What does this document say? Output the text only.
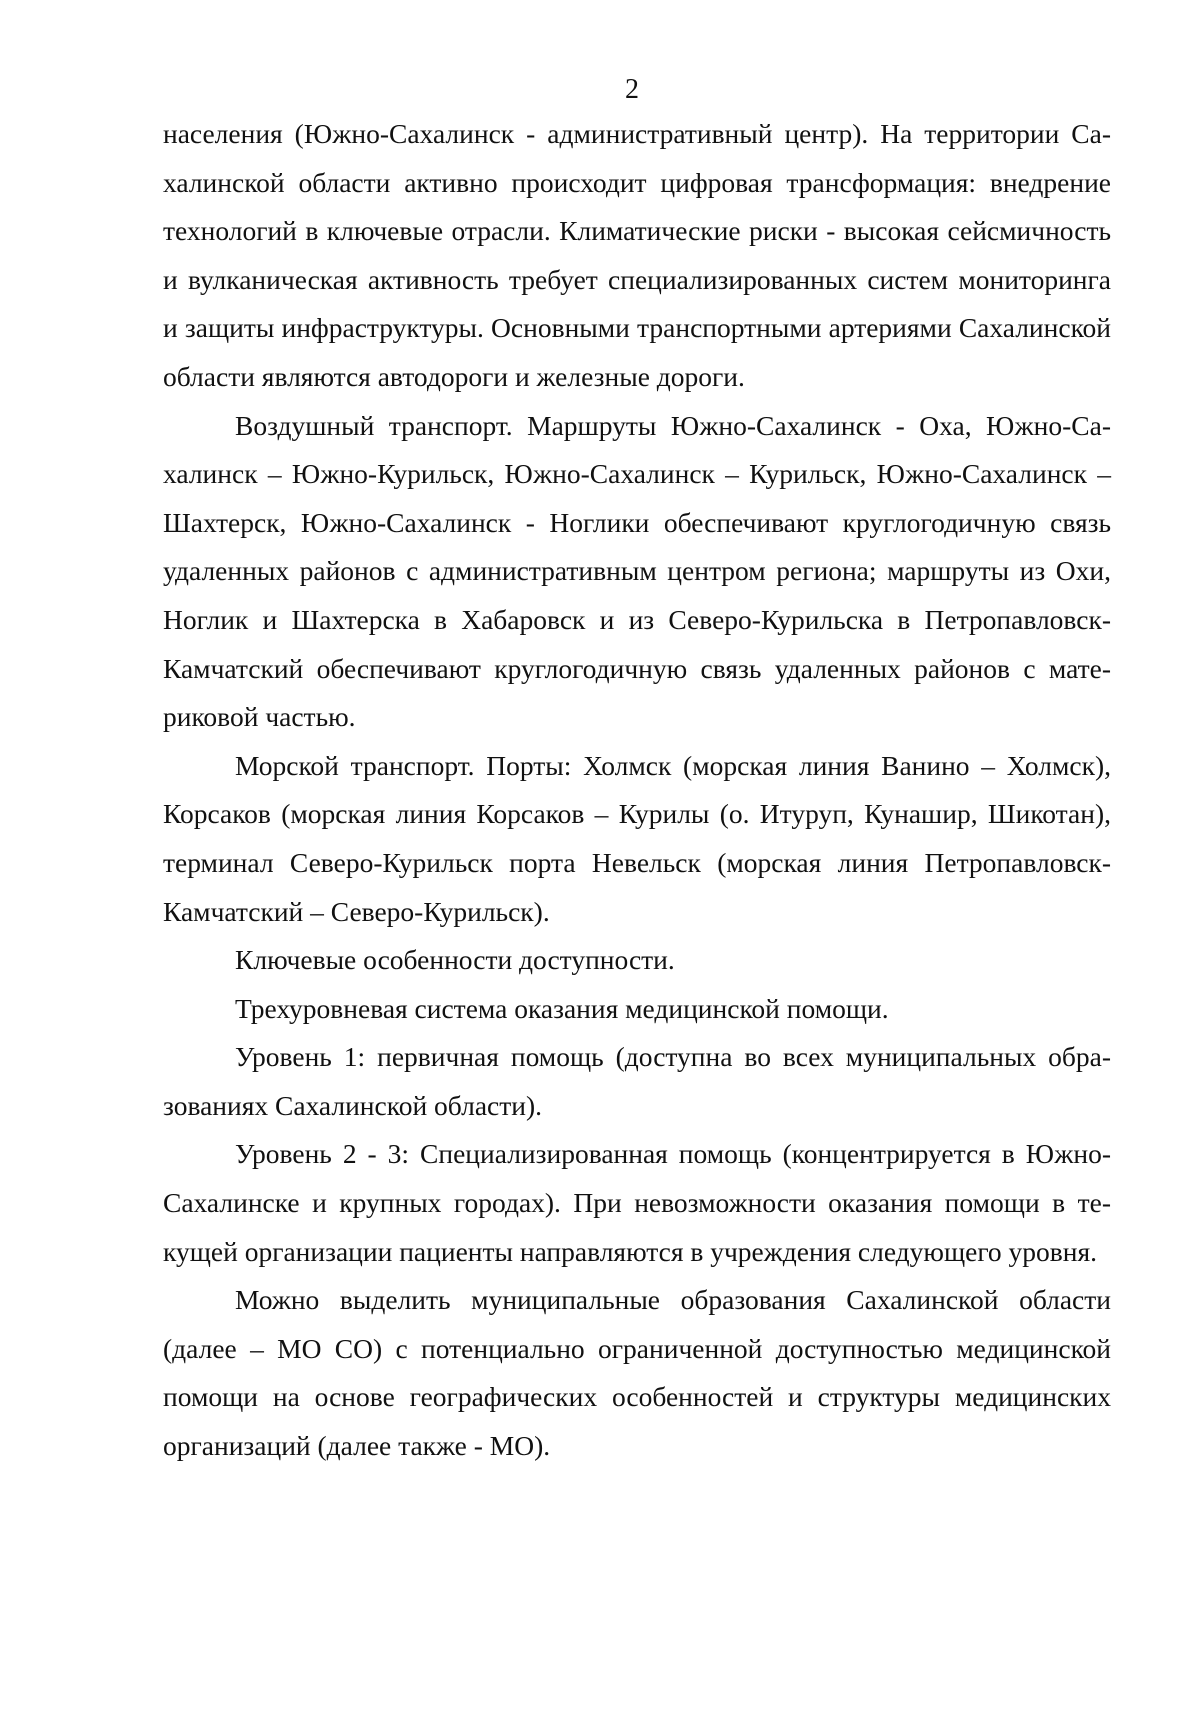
2

населения (Южно-Сахалинск - административный центр). На территории Сахалинской области активно происходит цифровая трансформация: внедрение технологий в ключевые отрасли. Климатические риски - высокая сейсмичность и вулканическая активность требует специализированных систем мониторинга и защиты инфраструктуры. Основными транспортными артериями Сахалинской области являются автодороги и железные дороги.

Воздушный транспорт. Маршруты Южно-Сахалинск - Оха, Южно-Сахалинск – Южно-Курильск, Южно-Сахалинск – Курильск, Южно-Сахалинск – Шахтерск, Южно-Сахалинск - Ноглики обеспечивают круглогодичную связь удаленных районов с административным центром региона; маршруты из Охи, Ноглик и Шахтерска в Хабаровск и из Северо-Курильска в Петропавловск-Камчатский обеспечивают круглогодичную связь удаленных районов с материковой частью.

Морской транспорт. Порты: Холмск (морская линия Ванино – Холмск), Корсаков (морская линия Корсаков – Курилы (о. Итуруп, Кунашир, Шикотан), терминал Северо-Курильск порта Невельск (морская линия Петропавловск-Камчатский – Северо-Курильск).

Ключевые особенности доступности.

Трехуровневая система оказания медицинской помощи.

Уровень 1: первичная помощь (доступна во всех муниципальных образованиях Сахалинской области).

Уровень 2 - 3: Специализированная помощь (концентрируется в Южно-Сахалинске и крупных городах). При невозможности оказания помощи в текущей организации пациенты направляются в учреждения следующего уровня.

Можно выделить муниципальные образования Сахалинской области (далее – МО СО) с потенциально ограниченной доступностью медицинской помощи на основе географических особенностей и структуры медицинских организаций (далее также - МО).
